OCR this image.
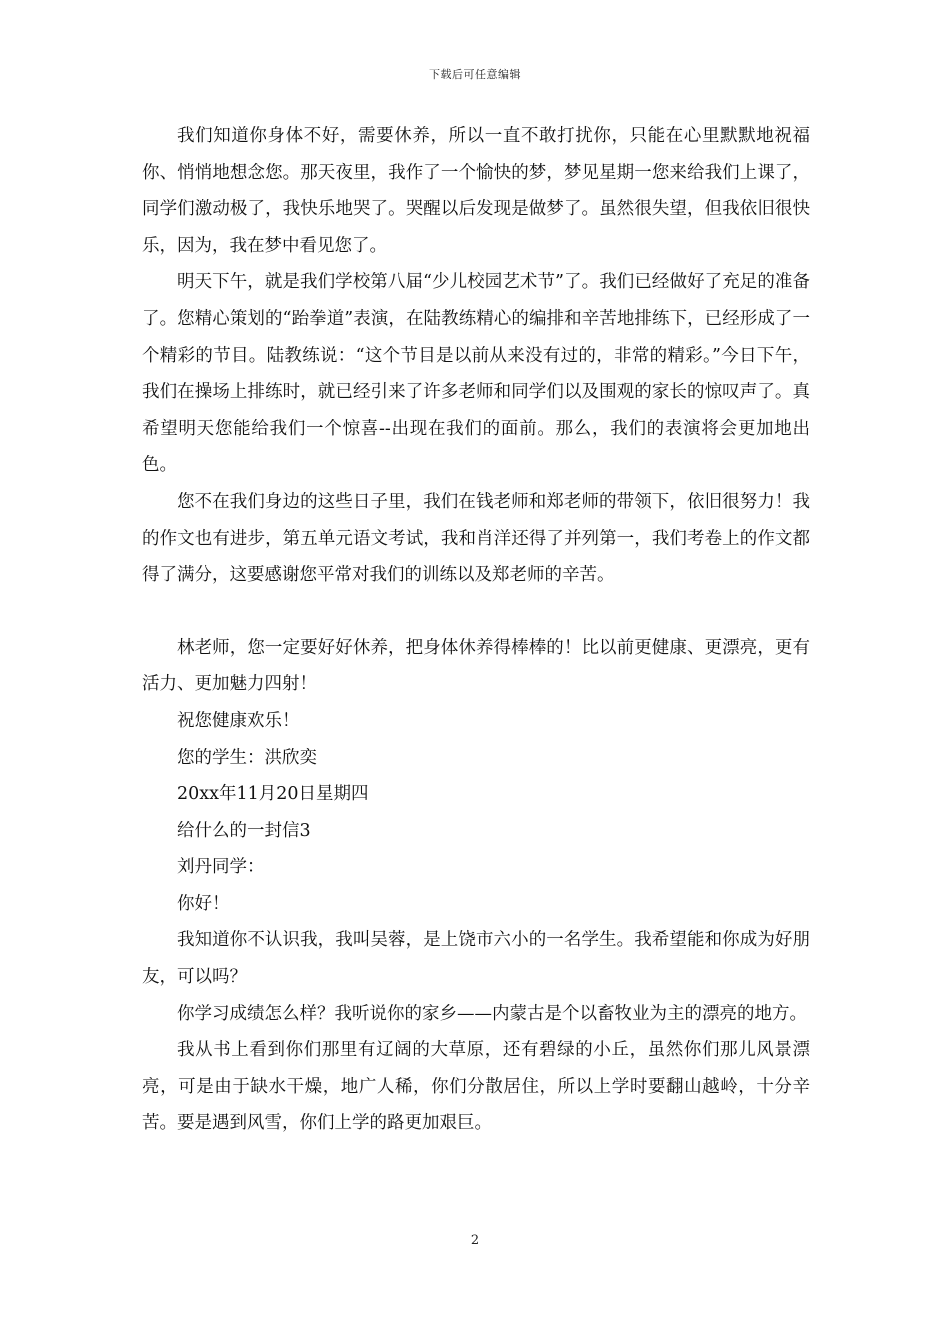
下载后可任意编辑

我们知道你身体不好，需要休养，所以一直不敢打扰你，只能在心里默默地祝福你、悄悄地想念您。那天夜里，我作了一个愉快的梦，梦见星期一您来给我们上课了，同学们激动极了，我快乐地哭了。哭醒以后发现是做梦了。虽然很失望，但我依旧很快乐，因为，我在梦中看见您了。

明天下午，就是我们学校第八届“少儿校园艺术节”了。我们已经做好了充足的准备了。您精心策划的“跆拳道”表演，在陆教练精心的编排和辛苦地排练下，已经形成了一个精彩的节目。陆教练说：“这个节目是以前从来没有过的，非常的精彩。”今日下午，我们在操场上排练时，就已经引来了许多老师和同学们以及围观的家长的惊叹声了。真希望明天您能给我们一个惊喜--出现在我们的面前。那么，我们的表演将会更加地出色。

您不在我们身边的这些日子里，我们在钱老师和郑老师的带领下，依旧很努力！我的作文也有进步，第五单元语文考试，我和肖洋还得了并列第一，我们考卷上的作文都得了满分，这要感谢您平常对我们的训练以及郑老师的辛苦。

林老师，您一定要好好休养，把身体休养得棒棒的！比以前更健康、更漂亮，更有活力、更加魅力四射！

祝您健康欢乐！

您的学生：洪欣奕

20xx年11月20日星期四

给什么的一封信3

刘丹同学：

你好！

我知道你不认识我，我叫吴蓉，是上饶市六小的一名学生。我希望能和你成为好朋友，可以吗？

你学习成绩怎么样？我听说你的家乡——内蒙古是个以畜牧业为主的漂亮的地方。

我从书上看到你们那里有辽阔的大草原，还有碧绿的小丘，虽然你们那儿风景漂亮，可是由于缺水干燥，地广人稀，你们分散居住，所以上学时要翻山越岭，十分辛苦。要是遇到风雪，你们上学的路更加艰巨。

2
